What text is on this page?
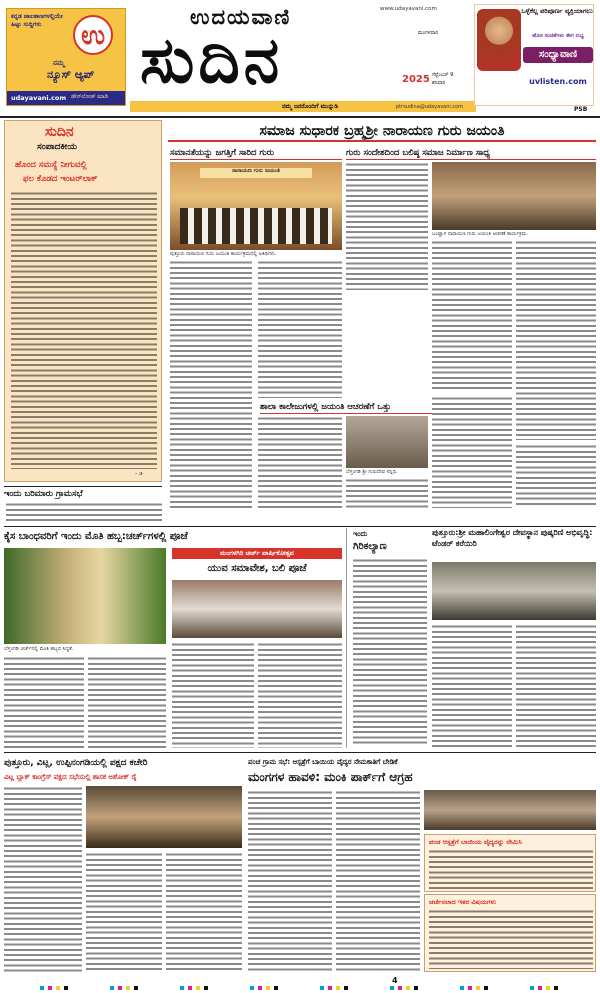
ಕನ್ನಡ ಜಾಲತಾಣಗಳಲ್ಲಿಯೇ ಹಿಟ್ಟು ಸುದ್ದಿಗಳು	ಉ
ನಮ್ಮ
ನ್ಯೂಸ್ ಆ್ಯಪ್
udayavani.com ಡೌನ್‌ಲೋಡ್ ಮಾಡಿ
ಉದಯವಾಣಿ	www.udayavani.com
ಸುದಿನ	ಮಂಗಳವಾರ
2025 ಸೆಪ್ಟೆಂಬರ್ 9
ಶನಿವಾರ
ನಮ್ಮ ಜನರೊಂದಿಗೆ ಮುನ್ನುಡಿ	ptrsudina@udayavani.com
ಒಳ್ಳೆಕೆಲ್ಲ ಪರಿಪೂರ್ಣ ವ್ಯಕ್ತಿಯಾಗಲು
ಹೊಸ ಸಂಚಿಕೆಗಳು ಈಗ ಲಭ್ಯ
ಸಂಧ್ಯಾವಾಣಿ
uvlisten.com
PSB
ಸುದಿನ
ಸಂಪಾದಕೀಯ
ಹೊಂದ ಸಮಸ್ಯೆ ನೀಗುವಲ್ಲಿ
ಫಲ ಕೊಡದ ಇಂಟರ್‌ಲಾಕ್
– ಚಿ
ಸಮಾಜ ಸುಧಾರಕ ಬ್ರಹ್ಮಶ್ರೀ ನಾರಾಯಣ ಗುರು ಜಯಂತಿ
ಸಮಾನತೆಯನ್ನು ಜಗತ್ತಿಗೆ ಸಾರಿದ ಗುರು
ನಾರಾಯಣ ಗುರು ಜಯಂತಿ
ಪುತ್ತೂರು ನಾರಾಯಣ ಗುರು ಜಯಂತಿ ಕಾರ್ಯಕ್ರಮದಲ್ಲಿ ಅತಿಥಿಗಳು.
ಗುರು ಸಂದೇಶದಿಂದ ಬಲಿಷ್ಠ ಸಮಾಜ ನಿರ್ಮಾಣ ಸಾಧ್ಯ
ಬಂಟ್ವಾಳ ನಾರಾಯಣ ಗುರು ಜಯಂತಿ ಆಚರಣೆ ಕಾರ್ಯಕ್ರಮ.
ಶಾಲಾ ಕಾಲೇಜುಗಳಲ್ಲಿ ಜಯಂತಿ ಆಚರಣೆಗೆ ಒತ್ತು
ಬೆಳ್ತಂಗಡಿ ಶ್ರೀ ಗುರುದೇವ ಸನ್ನಿಧಿ.
ಇಂದು ಬರಿಮಾರು ಗ್ರಾಮಸಭೆ
ಕೈಸ ಬಾಂಧವರಿಗೆ ಇಂದು ಮೊತಿ ಹಬ್ಬ:ಚರ್ಚ್‌ಗಳಲ್ಲಿ ಪೂಜೆ
ಬೆಳ್ತಂಗಡಿ ಚರ್ಚ್‌ನಲ್ಲಿ ಮೊತಿ ಹಬ್ಬದ ಸಿದ್ಧತೆ.
ಮಂಗಳಗಿರಿ ಚರ್ಚ್ ವಾರ್ಷಿಕೋತ್ಸವ
ಯುವ ಸಮಾವೇಶ, ಬಲಿ ಪೂಜೆ
ಇಂದು
ಗಿರಿಕಲ್ಯಾಣ
ಪುತ್ತೂರು:ಶ್ರೀ ಮಹಾಲಿಂಗೇಶ್ವರ ದೇವಸ್ಥಾನ ಪುಷ್ಕರಿಣಿ ಅಭಿವೃದ್ಧಿ: ಟೆಂಡರ್ ಕರೆಯಿರಿ
ಪುತ್ತೂರು, ವಿಟ್ಲ, ಉಪ್ಪಿನಂಗಡಿಯಲ್ಲಿ ಪಕ್ಷದ ಕಚೇರಿ
ವಿಟ್ಲ ಬ್ಲಾಕ್ ಕಾಂಗ್ರೆಸ್ ಪಕ್ಷದ ಸಭೆಯಲ್ಲಿ ಶಾಸಕ ಅಶೋಕ್ ರೈ
ಪಂಚ ಗ್ರಾಮ ಸಭೆ: ಆಸ್ಪತ್ರೆಗೆ ಬಾಯಿಯ ವೈದ್ಯರ ನೇಮಕಾತಿಗೆ ಬೇಡಿಕೆ
ಮಂಗಗಳ ಹಾವಳಿ: ಮಂಕಿ ಪಾರ್ಕ್‌ಗೆ ಆಗ್ರಹ
ಪಂಚ ಆಸ್ಪತ್ರೆಗೆ ಬಾಯಿಯ ವೈದ್ಯರನ್ನು ನೇಮಿಸಿ
ಚರ್ಚೆಸಲಾದ ಇತರ ವಿಷಯಗಳು
4
